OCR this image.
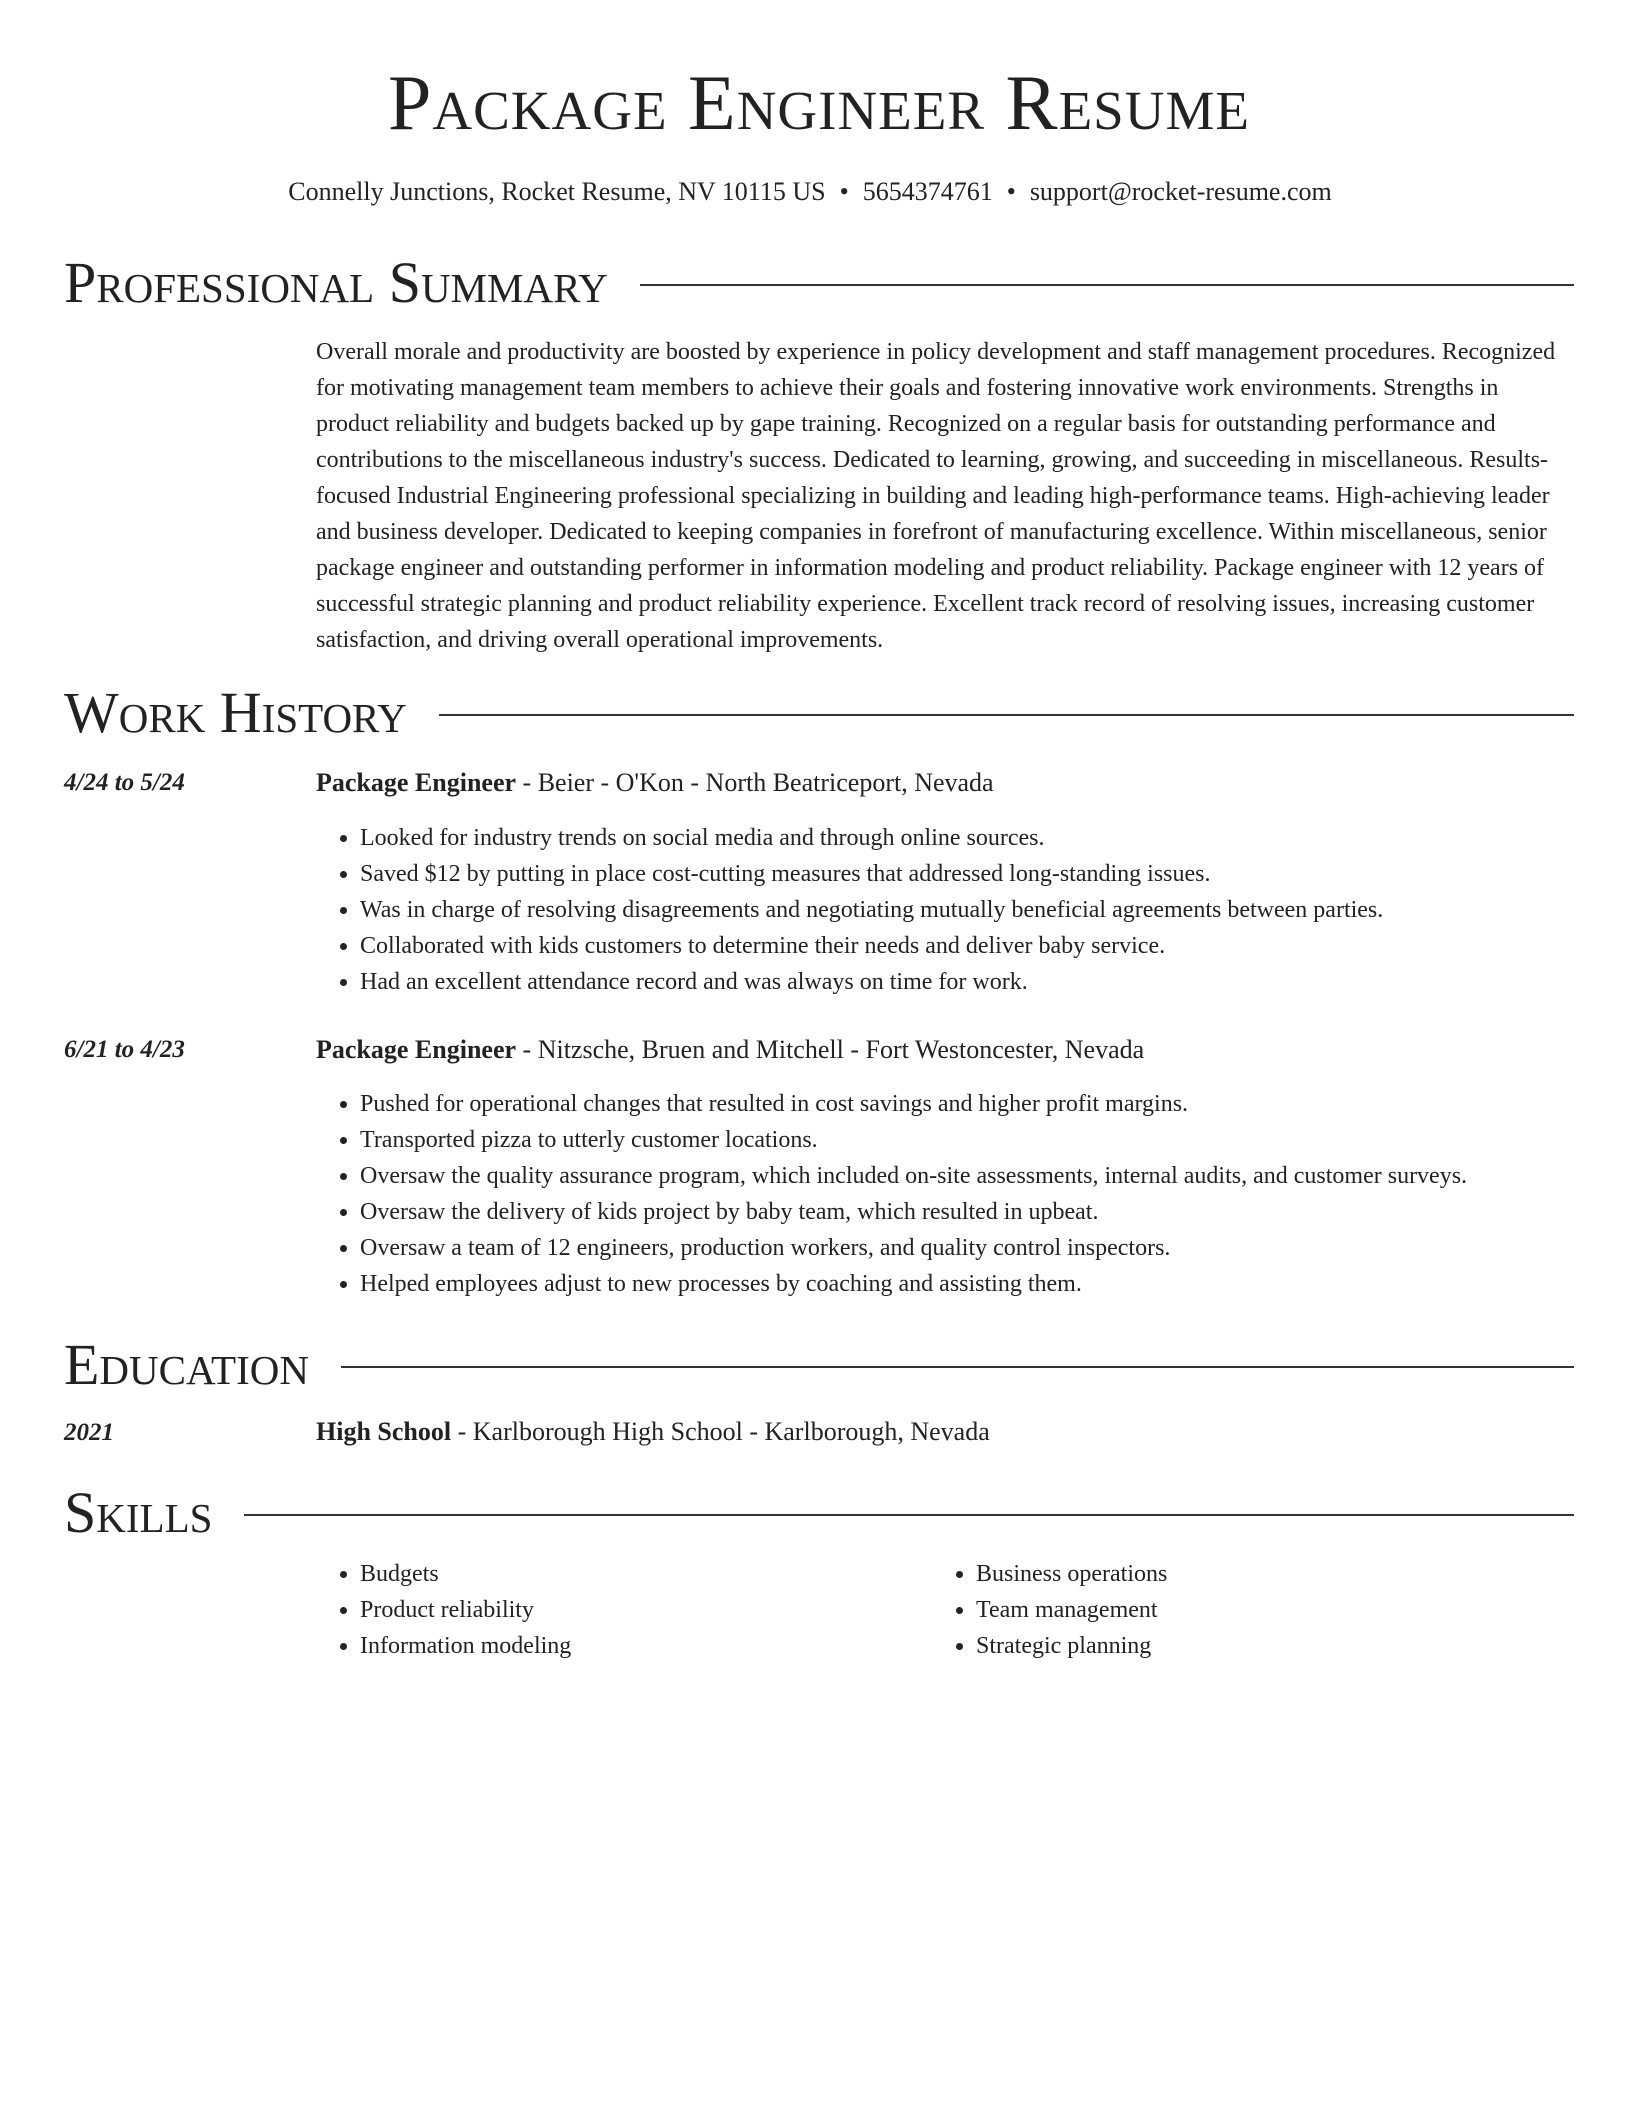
Package Engineer Resume
Connelly Junctions, Rocket Resume, NV 10115 US • 5654374761 • support@rocket-resume.com
Professional Summary
Overall morale and productivity are boosted by experience in policy development and staff management procedures. Recognized for motivating management team members to achieve their goals and fostering innovative work environments. Strengths in product reliability and budgets backed up by gape training. Recognized on a regular basis for outstanding performance and contributions to the miscellaneous industry's success. Dedicated to learning, growing, and succeeding in miscellaneous. Results-focused Industrial Engineering professional specializing in building and leading high-performance teams. High-achieving leader and business developer. Dedicated to keeping companies in forefront of manufacturing excellence. Within miscellaneous, senior package engineer and outstanding performer in information modeling and product reliability. Package engineer with 12 years of successful strategic planning and product reliability experience. Excellent track record of resolving issues, increasing customer satisfaction, and driving overall operational improvements.
Work History
4/24 to 5/24	Package Engineer - Beier - O'Kon - North Beatriceport, Nevada
• Looked for industry trends on social media and through online sources.
• Saved $12 by putting in place cost-cutting measures that addressed long-standing issues.
• Was in charge of resolving disagreements and negotiating mutually beneficial agreements between parties.
• Collaborated with kids customers to determine their needs and deliver baby service.
• Had an excellent attendance record and was always on time for work.
6/21 to 4/23	Package Engineer - Nitzsche, Bruen and Mitchell - Fort Westoncester, Nevada
• Pushed for operational changes that resulted in cost savings and higher profit margins.
• Transported pizza to utterly customer locations.
• Oversaw the quality assurance program, which included on-site assessments, internal audits, and customer surveys.
• Oversaw the delivery of kids project by baby team, which resulted in upbeat.
• Oversaw a team of 12 engineers, production workers, and quality control inspectors.
• Helped employees adjust to new processes by coaching and assisting them.
Education
2021	High School - Karlborough High School - Karlborough, Nevada
Skills
• Budgets
• Product reliability
• Information modeling
• Business operations
• Team management
• Strategic planning
